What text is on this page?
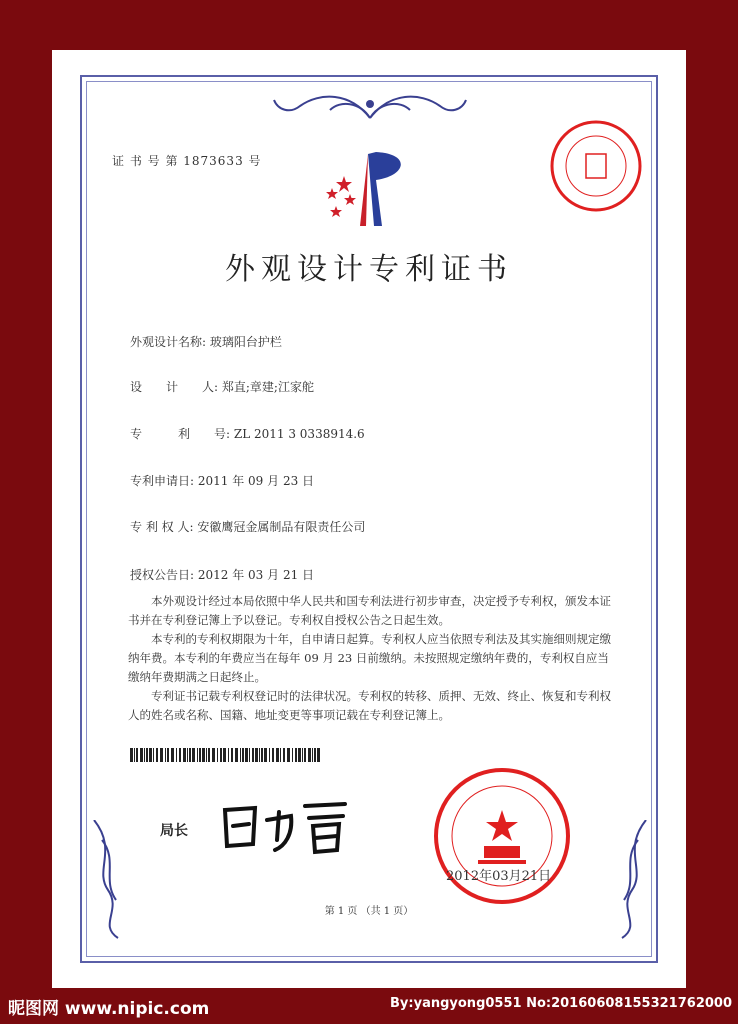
证 书 号 第 1873633 号
外观设计专利证书
外观设计名称: 玻璃阳台护栏
设　　计　　人: 郑直;章建;江家舵
专　　　利　　号: ZL 2011 3 0338914.6
专利申请日: 2011 年 09 月 23 日
专 利 权 人: 安徽鹰冠金属制品有限责任公司
授权公告日: 2012 年 03 月 21 日

本外观设计经过本局依照中华人民共和国专利法进行初步审查，决定授予专利权，颁发本证书并在专利登记簿上予以登记。专利权自授权公告之日起生效。

本专利的专利权期限为十年，自申请日起算。专利权人应当依照专利法及其实施细则规定缴纳年费。本专利的年费应当在每年 09 月 23 日前缴纳。未按照规定缴纳年费的，专利权自应当缴纳年费期满之日起终止。

专利证书记载专利权登记时的法律状况。专利权的转移、质押、无效、终止、恢复和专利权人的姓名或名称、国籍、地址变更等事项记载在专利登记簿上。

局长
2012年03月21日
第 1 页 （共 1 页）
昵图网 www.nipic.com	By:yangyong0551 No:20160608155321762000
